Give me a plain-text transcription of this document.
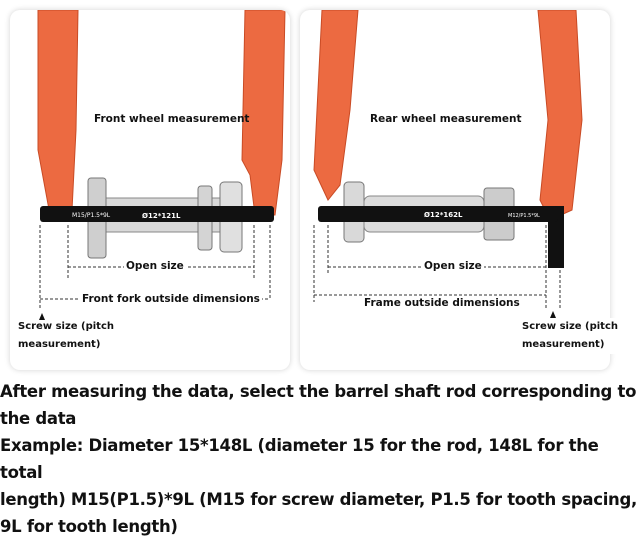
M15/P1.5*9L	Ø12*121L
Front wheel measurement
Open size
Front fork outside dimensions
Ø12*162L	M12/P1.5*9L
Rear wheel measurement
Open size
Frame outside dimensions
Screw size (pitch
measurement)
Screw size (pitch
measurement)

After measuring the data, select the barrel shaft rod corresponding to

the data

Example: Diameter 15*148L (diameter 15 for the rod, 148L for the total

length) M15(P1.5)*9L (M15 for screw diameter, P1.5 for tooth spacing,

9L for tooth length)
